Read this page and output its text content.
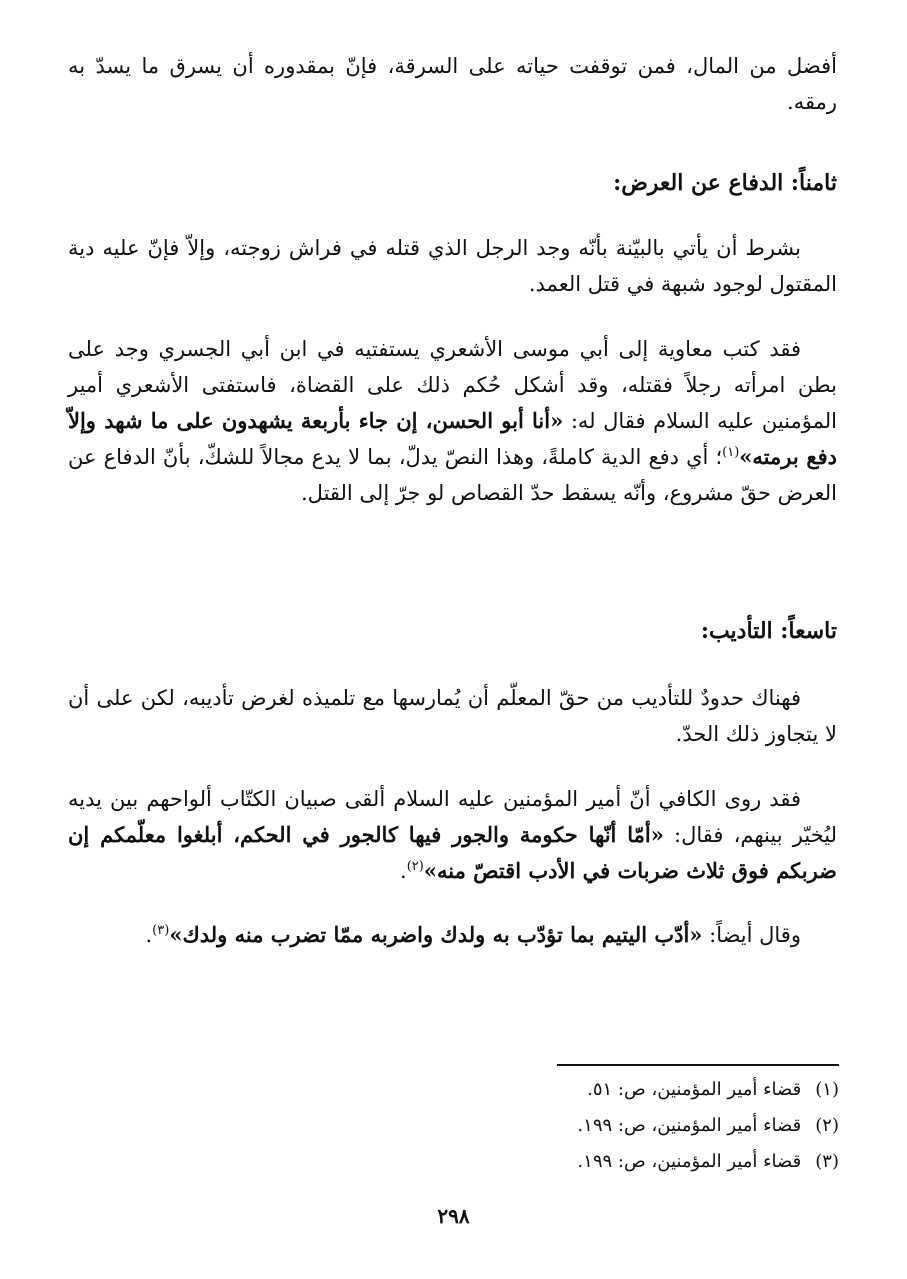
أفضل من المال، فمن توقفت حياته على السرقة، فإنّ بمقدوره أن يسرق ما يسدّ به رمقه.
ثامناً: الدفاع عن العرض:
بشرط أن يأتي بالبيّنة بأنّه وجد الرجل الذي قتله في فراش زوجته، وإلاّ فإنّ عليه دية المقتول لوجود شبهة في قتل العمد.
فقد كتب معاوية إلى أبي موسى الأشعري يستفتيه في ابن أبي الجسري وجد على بطن امرأته رجلاً فقتله، وقد أشكل حُكم ذلك على القضاة، فاستفتى الأشعري أمير المؤمنين عليه السلام فقال له: «أنا أبو الحسن، إن جاء بأربعة يشهدون على ما شهد وإلاّ دفع برمته»$^{(١)}$؛ أي دفع الدية كاملةً، وهذا النصّ يدلّ، بما لا يدع مجالاً للشكّ، بأنّ الدفاع عن العرض حقّ مشروع، وأنّه يسقط حدّ القصاص لو جرّ إلى القتل.
تاسعاً: التأديب:
فهناك حدودٌ للتأديب من حقّ المعلّم أن يُمارسها مع تلميذه لغرض تأديبه، لكن على أن لا يتجاوز ذلك الحدّ.
فقد روى الكافي أنّ أمير المؤمنين عليه السلام ألقى صبيان الكتّاب ألواحهم بين يديه ليُخيّر بينهم، فقال: «أمّا أنّها حكومة والجور فيها كالجور في الحكم، أبلغوا معلّمكم إن ضربكم فوق ثلاث ضربات في الأدب اقتصّ منه»$^{(٢)}$.
وقال أيضاً: «أدّب اليتيم بما تؤدّب به ولدك واضربه ممّا تضرب منه ولدك»$^{(٣)}$.
(١)قضاء أمير المؤمنين، ص: ٥١.
(٢)قضاء أمير المؤمنين، ص: ١٩٩.
(٣)قضاء أمير المؤمنين، ص: ١٩٩.
٢٩٨
